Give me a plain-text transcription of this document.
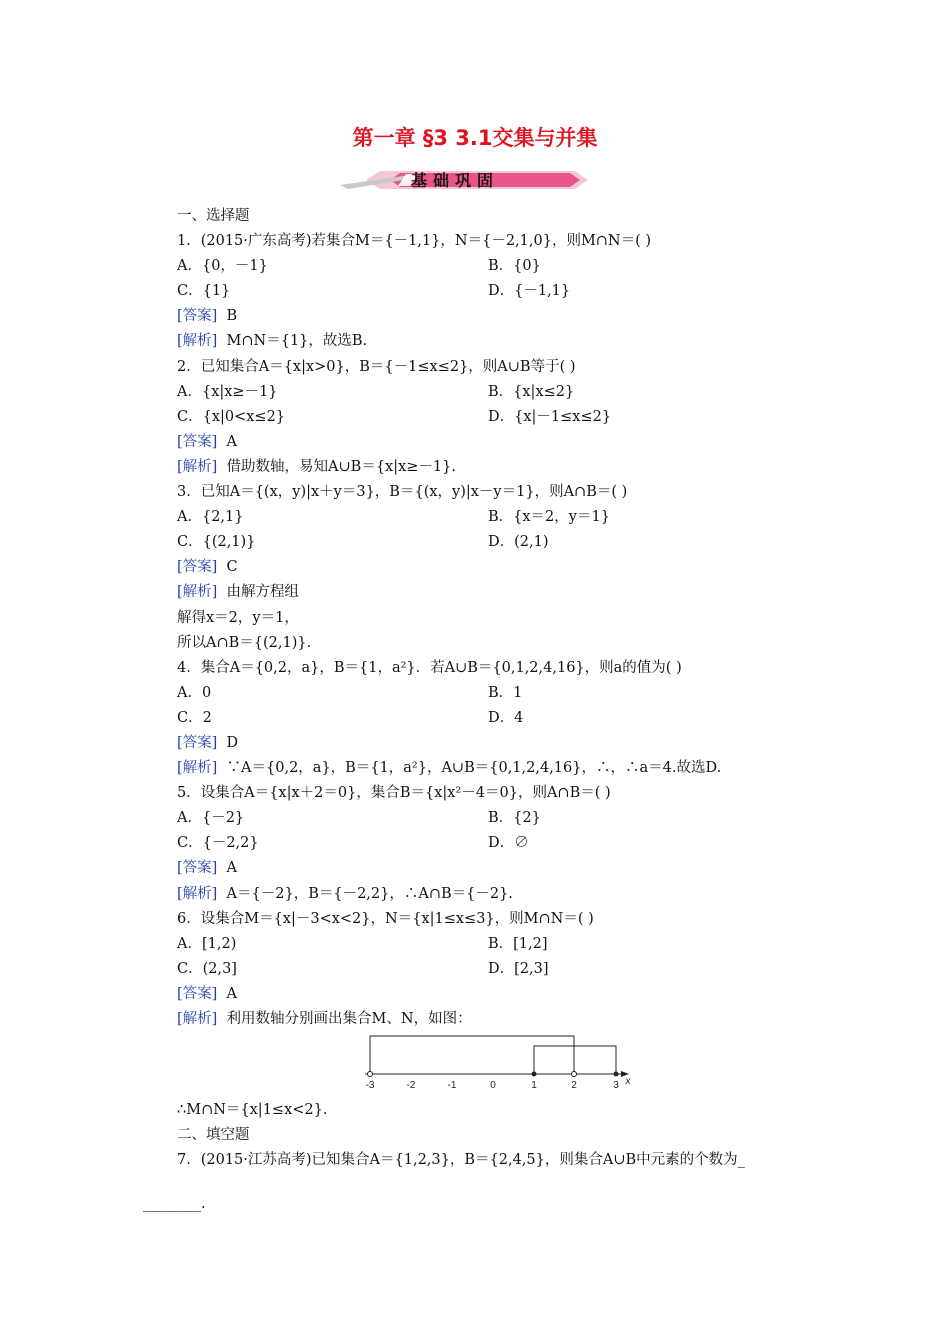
第一章 §3 3.1交集与并集
基础巩固
一、选择题
1．(2015·广东高考)若集合M＝{－1,1}，N＝{－2,1,0}，则M∩N＝( )
A．{0，－1}	B．{0}
C．{1}	D．{－1,1}
[答案] B
[解析] M∩N＝{1}，故选B.
2．已知集合A＝{x|x>0}，B＝{－1≤x≤2}，则A∪B等于( )
A．{x|x≥－1}	B．{x|x≤2}
C．{x|0<x≤2}	D．{x|－1≤x≤2}
[答案] A
[解析] 借助数轴，易知A∪B＝{x|x≥－1}.
3．已知A＝{(x，y)|x＋y＝3}，B＝{(x，y)|x－y＝1}，则A∩B＝( )
A．{2,1}	B．{x＝2，y＝1}
C．{(2,1)}	D．(2,1)
[答案] C
[解析] 由解方程组
解得x＝2，y＝1，
所以A∩B＝{(2,1)}.
4．集合A＝{0,2，a}，B＝{1，a²}．若A∪B＝{0,1,2,4,16}，则a的值为( )
A．0	B．1
C．2	D．4
[答案] D
[解析] ∵A＝{0,2，a}，B＝{1，a²}，A∪B＝{0,1,2,4,16}，∴，∴a＝4.故选D.
5．设集合A＝{x|x＋2＝0}，集合B＝{x|x²－4＝0}，则A∩B＝( )
A．{－2}	B．{2}
C．{－2,2}	D．∅
[答案] A
[解析] A＝{－2}，B＝{－2,2}，∴A∩B＝{－2}.
6．设集合M＝{x|－3<x<2}，N＝{x|1≤x≤3}，则M∩N＝( )
A．[1,2)	B．[1,2]
C．(2,3]	D．[2,3]
[答案] A
[解析] 利用数轴分别画出集合M、N，如图：
-3	-2	-1	0	1	2	3 x
∴M∩N＝{x|1≤x<2}.
二、填空题
7．(2015·江苏高考)已知集合A＝{1,2,3}，B＝{2,4,5}，则集合A∪B中元素的个数为_
________.
